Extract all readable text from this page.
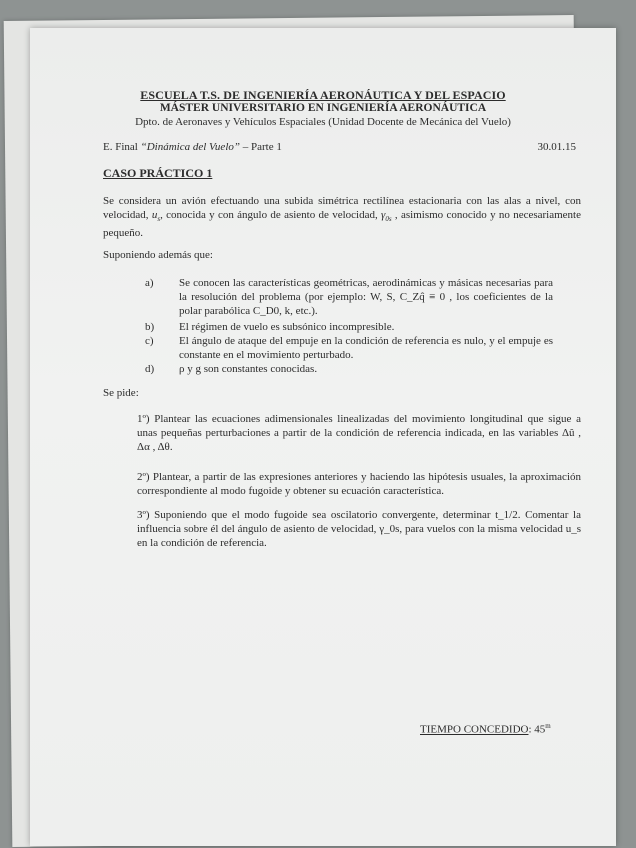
ESCUELA T.S. DE INGENIERÍA AERONÁUTICA Y DEL ESPACIO
MÁSTER UNIVERSITARIO EN INGENIERÍA AERONÁUTICA
Dpto. de Aeronaves y Vehículos Espaciales (Unidad Docente de Mecánica del Vuelo)
E. Final “Dinámica del Vuelo” – Parte 1	30.01.15
CASO PRÁCTICO 1
Se considera un avión efectuando una subida simétrica rectilínea estacionaria con las alas a nivel, con velocidad, $u_s$, conocida y con ángulo de asiento de velocidad, $\gamma_{0s}$ , asimismo conocido y no necesariamente pequeño.
Suponiendo además que:
a) Se conocen las características geométricas, aerodinámicas y másicas necesarias para la resolución del problema (por ejemplo: W, S, C_Zq̂ ≡ 0 , los coeficientes de la polar parabólica C_D0, k, etc.).
b) El régimen de vuelo es subsónico incompresible.
c) El ángulo de ataque del empuje en la condición de referencia es nulo, y el empuje es constante en el movimiento perturbado.
d) ρ y g son constantes conocidas.
Se pide:
1º) Plantear las ecuaciones adimensionales linealizadas del movimiento longitudinal que sigue a unas pequeñas perturbaciones a partir de la condición de referencia indicada, en las variables Δû , Δα , Δθ.
2º) Plantear, a partir de las expresiones anteriores y haciendo las hipótesis usuales, la aproximación correspondiente al modo fugoide y obtener su ecuación característica.
3º) Suponiendo que el modo fugoide sea oscilatorio convergente, determinar t_1/2. Comentar la influencia sobre él del ángulo de asiento de velocidad, γ_0s, para vuelos con la misma velocidad u_s en la condición de referencia.
TIEMPO CONCEDIDO: 45$^m$
